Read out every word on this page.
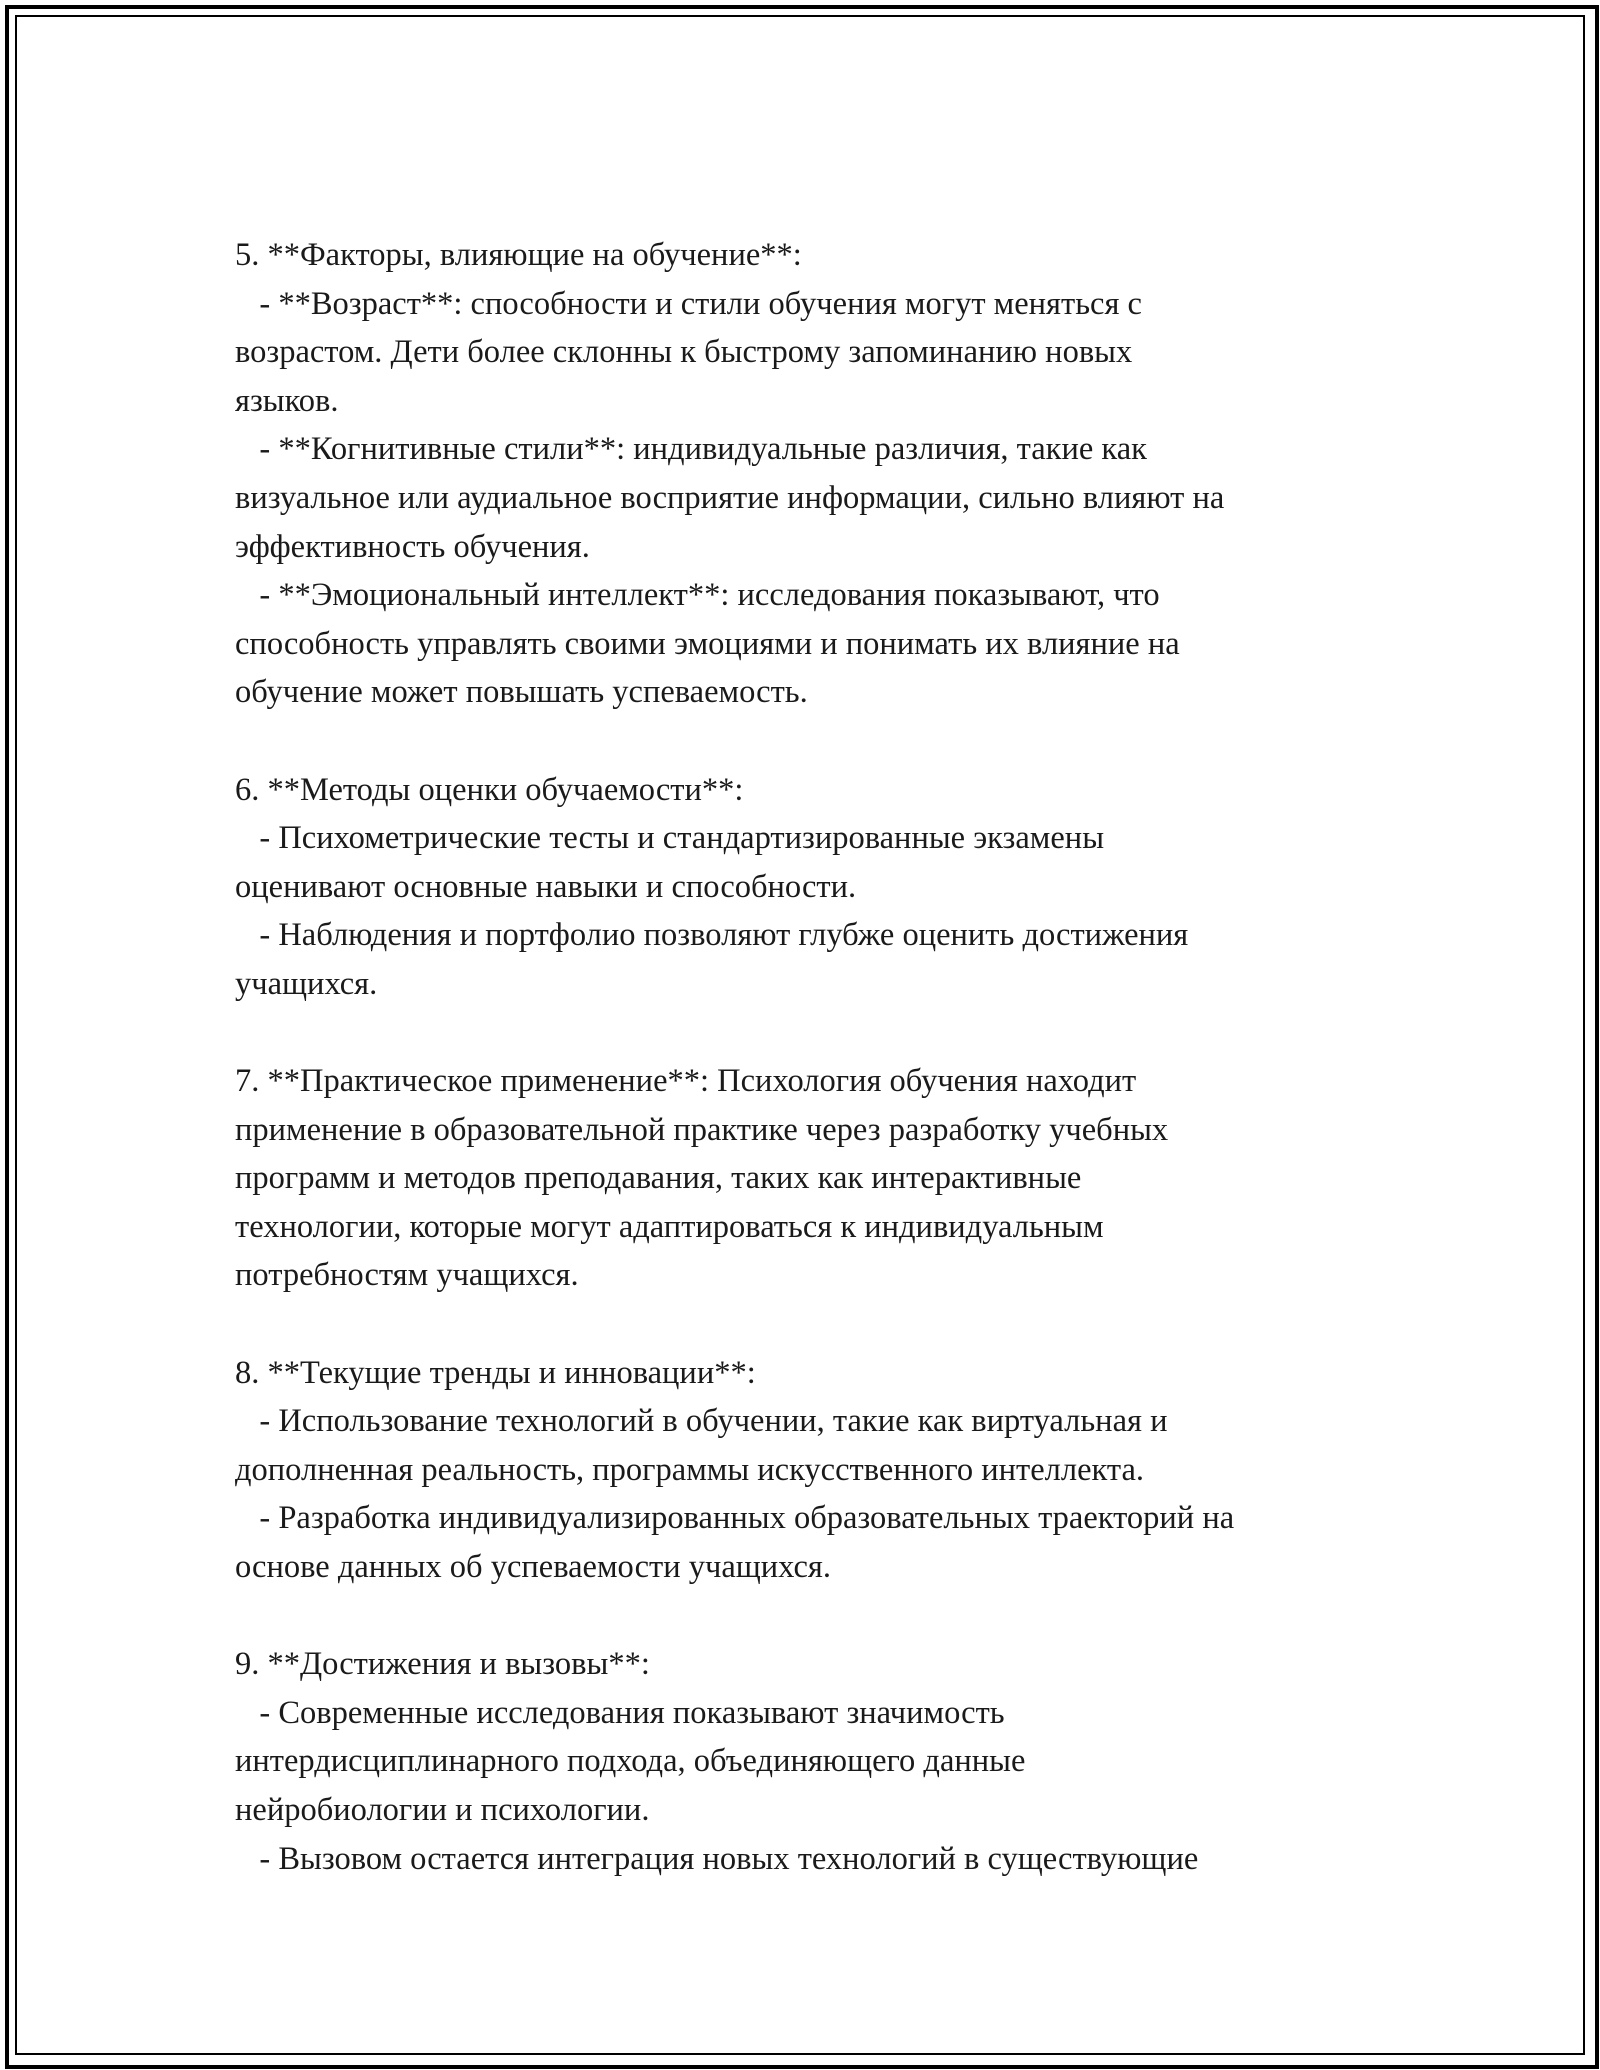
5. **Факторы, влияющие на обучение**:
- **Возраст**: способности и стили обучения могут меняться с
возрастом. Дети более склонны к быстрому запоминанию новых
языков.
- **Когнитивные стили**: индивидуальные различия, такие как
визуальное или аудиальное восприятие информации, сильно влияют на
эффективность обучения.
- **Эмоциональный интеллект**: исследования показывают, что
способность управлять своими эмоциями и понимать их влияние на
обучение может повышать успеваемость.
6. **Методы оценки обучаемости**:
- Психометрические тесты и стандартизированные экзамены
оценивают основные навыки и способности.
- Наблюдения и портфолио позволяют глубже оценить достижения
учащихся.
7. **Практическое применение**: Психология обучения находит
применение в образовательной практике через разработку учебных
программ и методов преподавания, таких как интерактивные
технологии, которые могут адаптироваться к индивидуальным
потребностям учащихся.
8. **Текущие тренды и инновации**:
- Использование технологий в обучении, такие как виртуальная и
дополненная реальность, программы искусственного интеллекта.
- Разработка индивидуализированных образовательных траекторий на
основе данных об успеваемости учащихся.
9. **Достижения и вызовы**:
- Современные исследования показывают значимость
интердисциплинарного подхода, объединяющего данные
нейробиологии и психологии.
- Вызовом остается интеграция новых технологий в существующие
